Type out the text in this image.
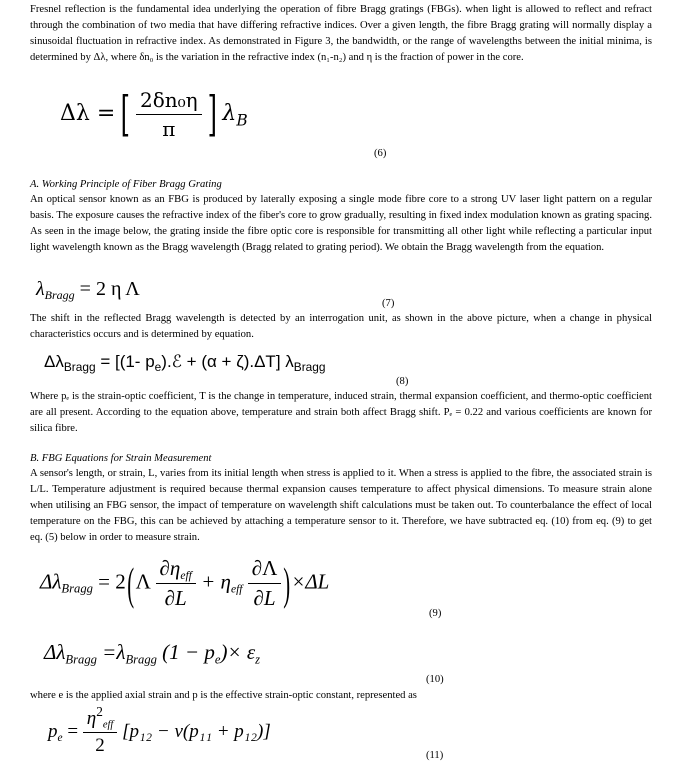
Fresnel reflection is the fundamental idea underlying the operation of fibre Bragg gratings (FBGs). when light is allowed to reflect and refract through the combination of two media that have differing refractive indices. Over a given length, the fibre Bragg grating will normally display a sinusoidal fluctuation in refractive index. As demonstrated in Figure 3, the bandwidth, or the range of wavelengths between the initial minima, is determined by Δλ, where δn₀ is the variation in the refractive index (n₁-n₂) and η is the fraction of power in the core.

Δλ = [ $\frac{\text{2δn₀η}}{\pi}$ ] $\lambda_B$
(6)

A. Working Principle of Fiber Bragg Grating

An optical sensor known as an FBG is produced by laterally exposing a single mode fibre core to a strong UV laser light pattern on a regular basis. The exposure causes the refractive index of the fiber's core to grow gradually, resulting in fixed index modulation known as grating spacing. As seen in the image below, the grating inside the fibre optic core is responsible for transmitting all other light while reflecting a particular input light wavelength known as the Bragg wavelength (Bragg related to grating period). We obtain the Bragg wavelength from the equation.

$\lambda_{Bragg} = 2$ η Λ
(7)

The shift in the reflected Bragg wavelength is detected by an interrogation unit, as shown in the above picture, when a change in physical characteristics occurs and is determined by equation.

$\Delta\lambda_{Bragg} = [(1-$ $p_e).ℰ + (\alpha + \zeta).\Delta T$] $\lambda_{Bragg}$
(8)

Where pₑ is the strain-optic coefficient, T is the change in temperature, induced strain, thermal expansion coefficient, and thermo-optic coefficient are all present. According to the equation above, temperature and strain both affect Bragg shift. Pₑ = 0.22 and various coefficients are known for silica fibre.

B. FBG Equations for Strain Measurement

A sensor's length, or strain, L, varies from its initial length when stress is applied to it. When a stress is applied to the fibre, the associated strain is L/L. Temperature adjustment is required because thermal expansion causes temperature to affect physical dimensions. To measure strain alone when utilising an FBG sensor, the impact of temperature on wavelength shift calculations must be taken out. To counterbalance the effect of local temperature on the FBG, this can be achieved by attaching a temperature sensor to it. Therefore, we have subtracted eq. (10) from eq. (9) to get eq. (5) below in order to measure strain.

$\Delta\lambda_{Bragg} = 2$ ( Λ $\frac{\partial\eta_{eff}}{\partial L} + \eta_{eff} \frac{\partial\Lambda}{\partial L}$ ) ×ΔL
(9)
$\Delta\lambda_{Bragg} =\lambda_{Bragg}$ $(1 - p_e)\times \varepsilon_z$
(10)

where e is the applied axial strain and p is the effective strain-optic constant, represented as

$p_e = \frac{\eta^2_{eff}}{2} [p_{12} - \nu(p_{11} + p_{12})]$
(11)
